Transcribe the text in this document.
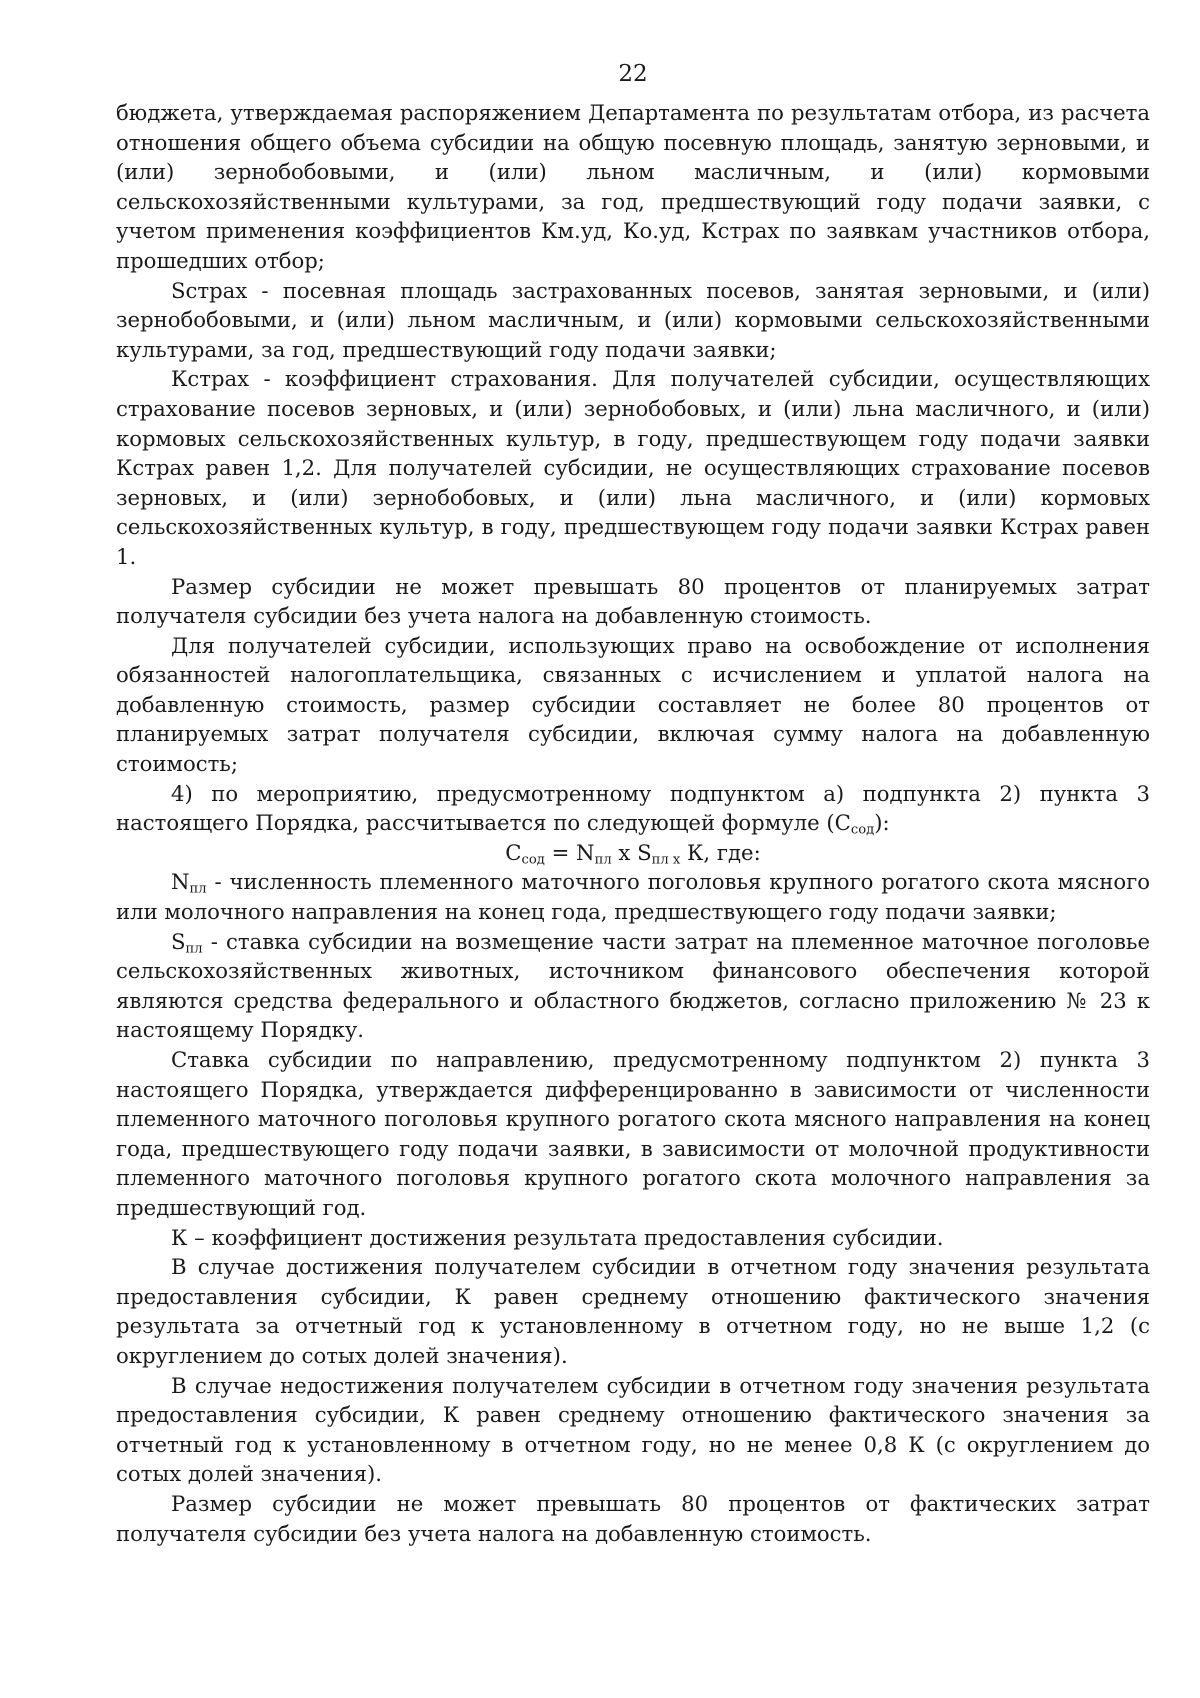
22

бюджета, утверждаемая распоряжением Департамента по результатам отбора, из расчета отношения общего объема субсидии на общую посевную площадь, занятую зерновыми, и (или) зернобобовыми, и (или) льном масличным, и (или) кормовыми сельскохозяйственными культурами, за год, предшествующий году подачи заявки, с учетом применения коэффициентов Км.уд, Ко.уд, Кстрах по заявкам участников отбора, прошедших отбор;

Sстрах - посевная площадь застрахованных посевов, занятая зерновыми, и (или) зернобобовыми, и (или) льном масличным, и (или) кормовыми сельскохозяйственными культурами, за год, предшествующий году подачи заявки;

Кстрах - коэффициент страхования. Для получателей субсидии, осуществляющих страхование посевов зерновых, и (или) зернобобовых, и (или) льна масличного, и (или) кормовых сельскохозяйственных культур, в году, предшествующем году подачи заявки Кстрах равен 1,2. Для получателей субсидии, не осуществляющих страхование посевов зерновых, и (или) зернобобовых, и (или) льна масличного, и (или) кормовых сельскохозяйственных культур, в году, предшествующем году подачи заявки Кстрах равен 1.

Размер субсидии не может превышать 80 процентов от планируемых затрат получателя субсидии без учета налога на добавленную стоимость.

Для получателей субсидии, использующих право на освобождение от исполнения обязанностей налогоплательщика, связанных с исчислением и уплатой налога на добавленную стоимость, размер субсидии составляет не более 80 процентов от планируемых затрат получателя субсидии, включая сумму налога на добавленную стоимость;

4) по мероприятию, предусмотренному подпунктом а) подпункта 2) пункта 3 настоящего Порядка, рассчитывается по следующей формуле $(С_{сод})$:

$С_{сод} = N_{пл}$ х $S_{пл х}$ К, где:

$N_{пл}$ - численность племенного маточного поголовья крупного рогатого скота мясного или молочного направления на конец года, предшествующего году подачи заявки;

$S_{пл}$ - ставка субсидии на возмещение части затрат на племенное маточное поголовье сельскохозяйственных животных, источником финансового обеспечения которой являются средства федерального и областного бюджетов, согласно приложению № 23 к настоящему Порядку.

Ставка субсидии по направлению, предусмотренному подпунктом 2) пункта 3 настоящего Порядка, утверждается дифференцированно в зависимости от численности племенного маточного поголовья крупного рогатого скота мясного направления на конец года, предшествующего году подачи заявки, в зависимости от молочной продуктивности племенного маточного поголовья крупного рогатого скота молочного направления за предшествующий год.

К – коэффициент достижения результата предоставления субсидии.

В случае достижения получателем субсидии в отчетном году значения результата предоставления субсидии, К равен среднему отношению фактического значения результата за отчетный год к установленному в отчетном году, но не выше 1,2 (с округлением до сотых долей значения).

В случае недостижения получателем субсидии в отчетном году значения результата предоставления субсидии, К равен среднему отношению фактического значения за отчетный год к установленному в отчетном году, но не менее 0,8 К (с округлением до сотых долей значения).

Размер субсидии не может превышать 80 процентов от фактических затрат получателя субсидии без учета налога на добавленную стоимость.
